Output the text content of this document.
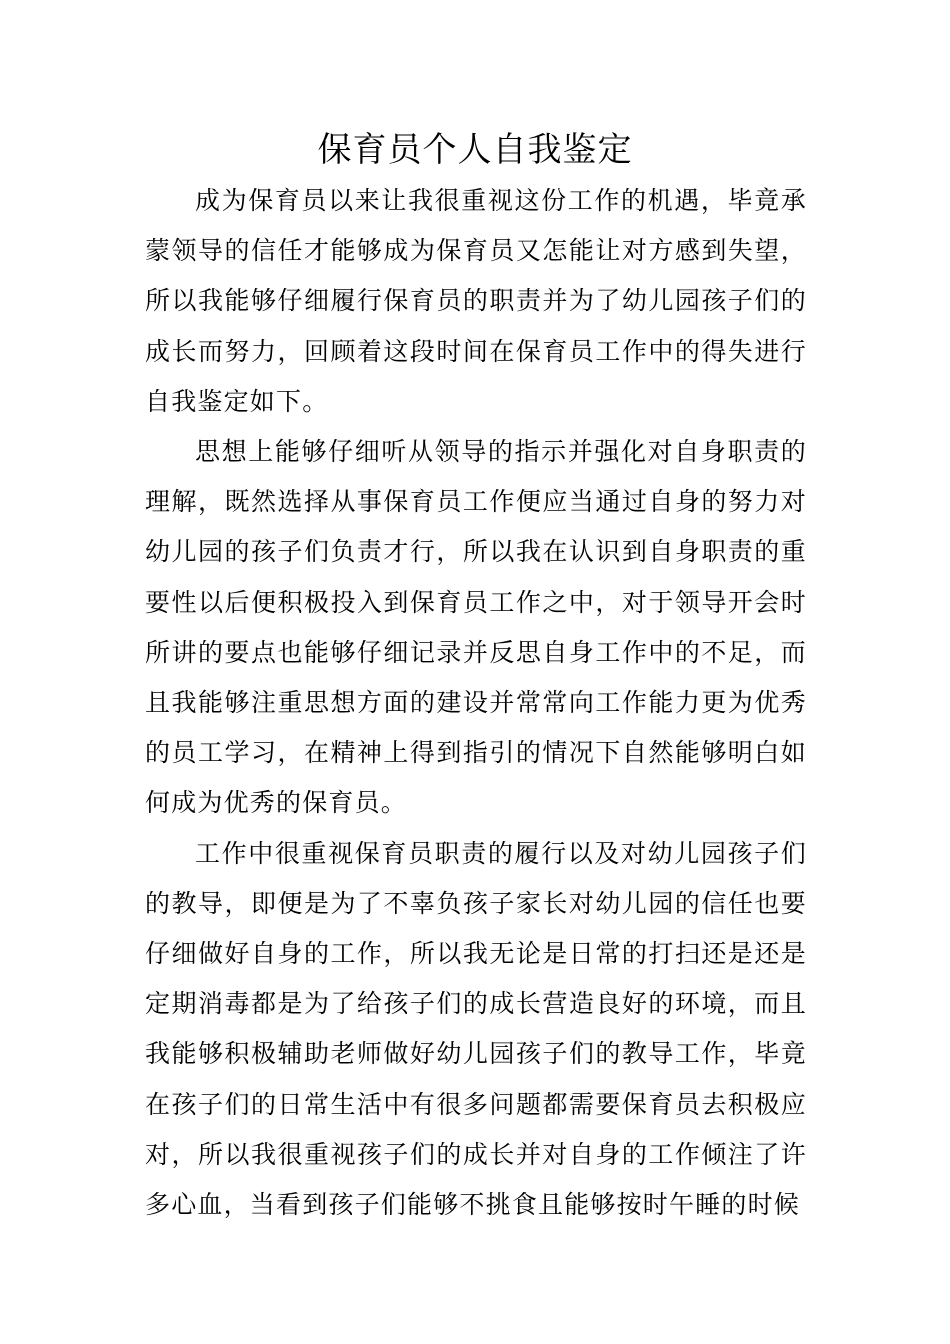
保育员个人自我鉴定

成为保育员以来让我很重视这份工作的机遇，毕竟承蒙领导的信任才能够成为保育员又怎能让对方感到失望，所以我能够仔细履行保育员的职责并为了幼儿园孩子们的成长而努力，回顾着这段时间在保育员工作中的得失进行自我鉴定如下。

思想上能够仔细听从领导的指示并强化对自身职责的理解，既然选择从事保育员工作便应当通过自身的努力对幼儿园的孩子们负责才行，所以我在认识到自身职责的重要性以后便积极投入到保育员工作之中，对于领导开会时所讲的要点也能够仔细记录并反思自身工作中的不足，而且我能够注重思想方面的建设并常常向工作能力更为优秀的员工学习，在精神上得到指引的情况下自然能够明白如何成为优秀的保育员。

工作中很重视保育员职责的履行以及对幼儿园孩子们的教导，即便是为了不辜负孩子家长对幼儿园的信任也要仔细做好自身的工作，所以我无论是日常的打扫还是还是定期消毒都是为了给孩子们的成长营造良好的环境，而且我能够积极辅助老师做好幼儿园孩子们的教导工作，毕竟在孩子们的日常生活中有很多问题都需要保育员去积极应对，所以我很重视孩子们的成长并对自身的工作倾注了许多心血，当看到孩子们能够不挑食且能够按时午睡的时候
